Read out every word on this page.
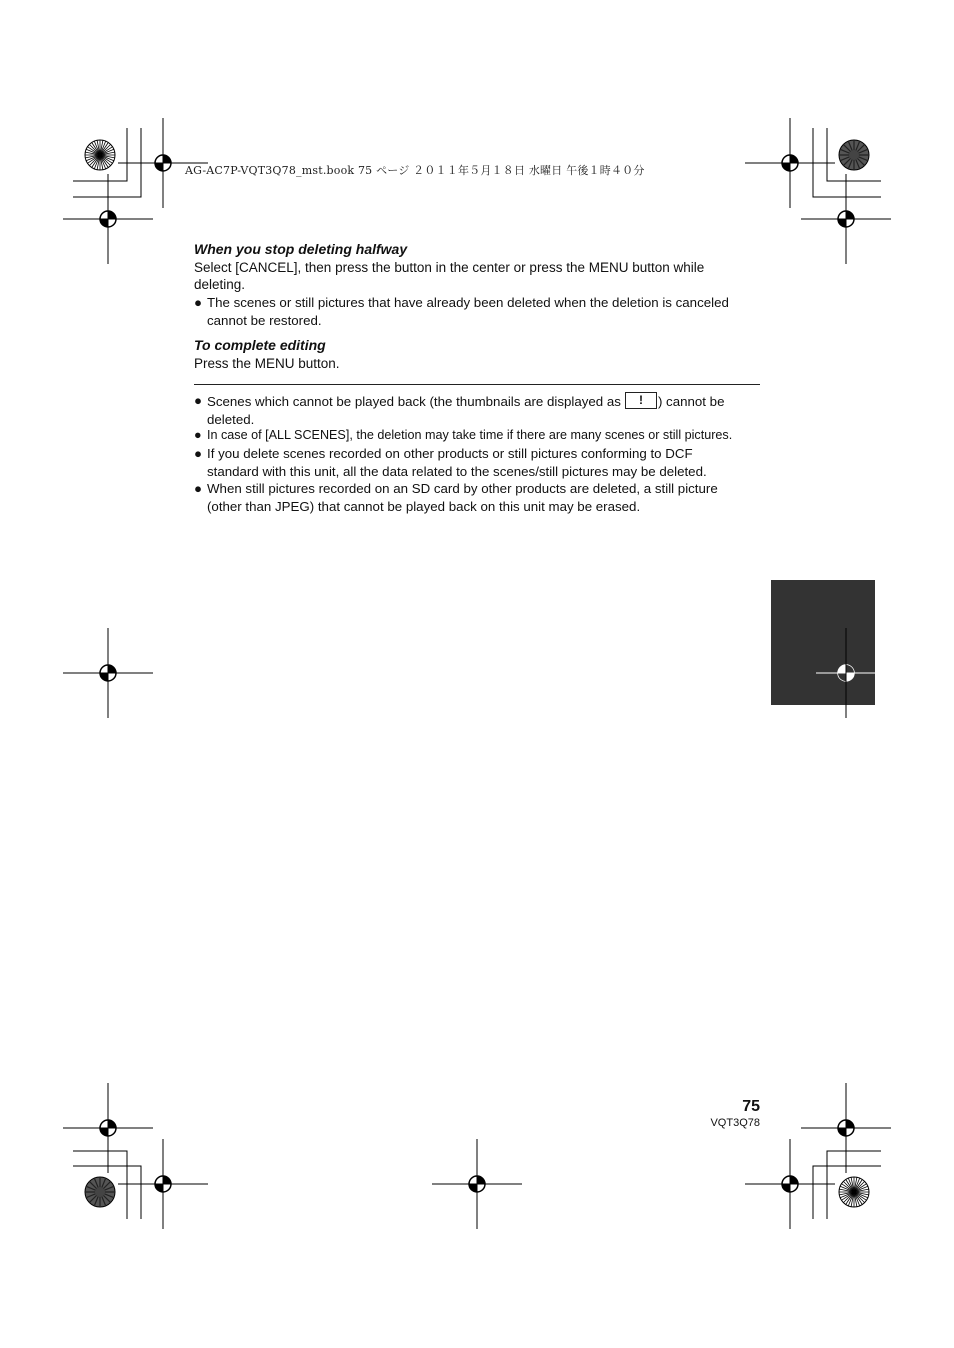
AG-AC7P-VQT3Q78_mst.book 75 ページ ２０１１年５月１８日 水曜日 午後１時４０分
When you stop deleting halfway
Select [CANCEL], then press the button in the center or press the MENU button while
deleting.
● The scenes or still pictures that have already been deleted when the deletion is canceled
cannot be restored.
To complete editing
Press the MENU button.
● Scenes which cannot be played back (the thumbnails are displayed as ! ) cannot be
deleted.
● In case of [ALL SCENES], the deletion may take time if there are many scenes or still pictures.
● If you delete scenes recorded on other products or still pictures conforming to DCF
standard with this unit, all the data related to the scenes/still pictures may be deleted.
● When still pictures recorded on an SD card by other products are deleted, a still picture
(other than JPEG) that cannot be played back on this unit may be erased.
75
VQT3Q78
